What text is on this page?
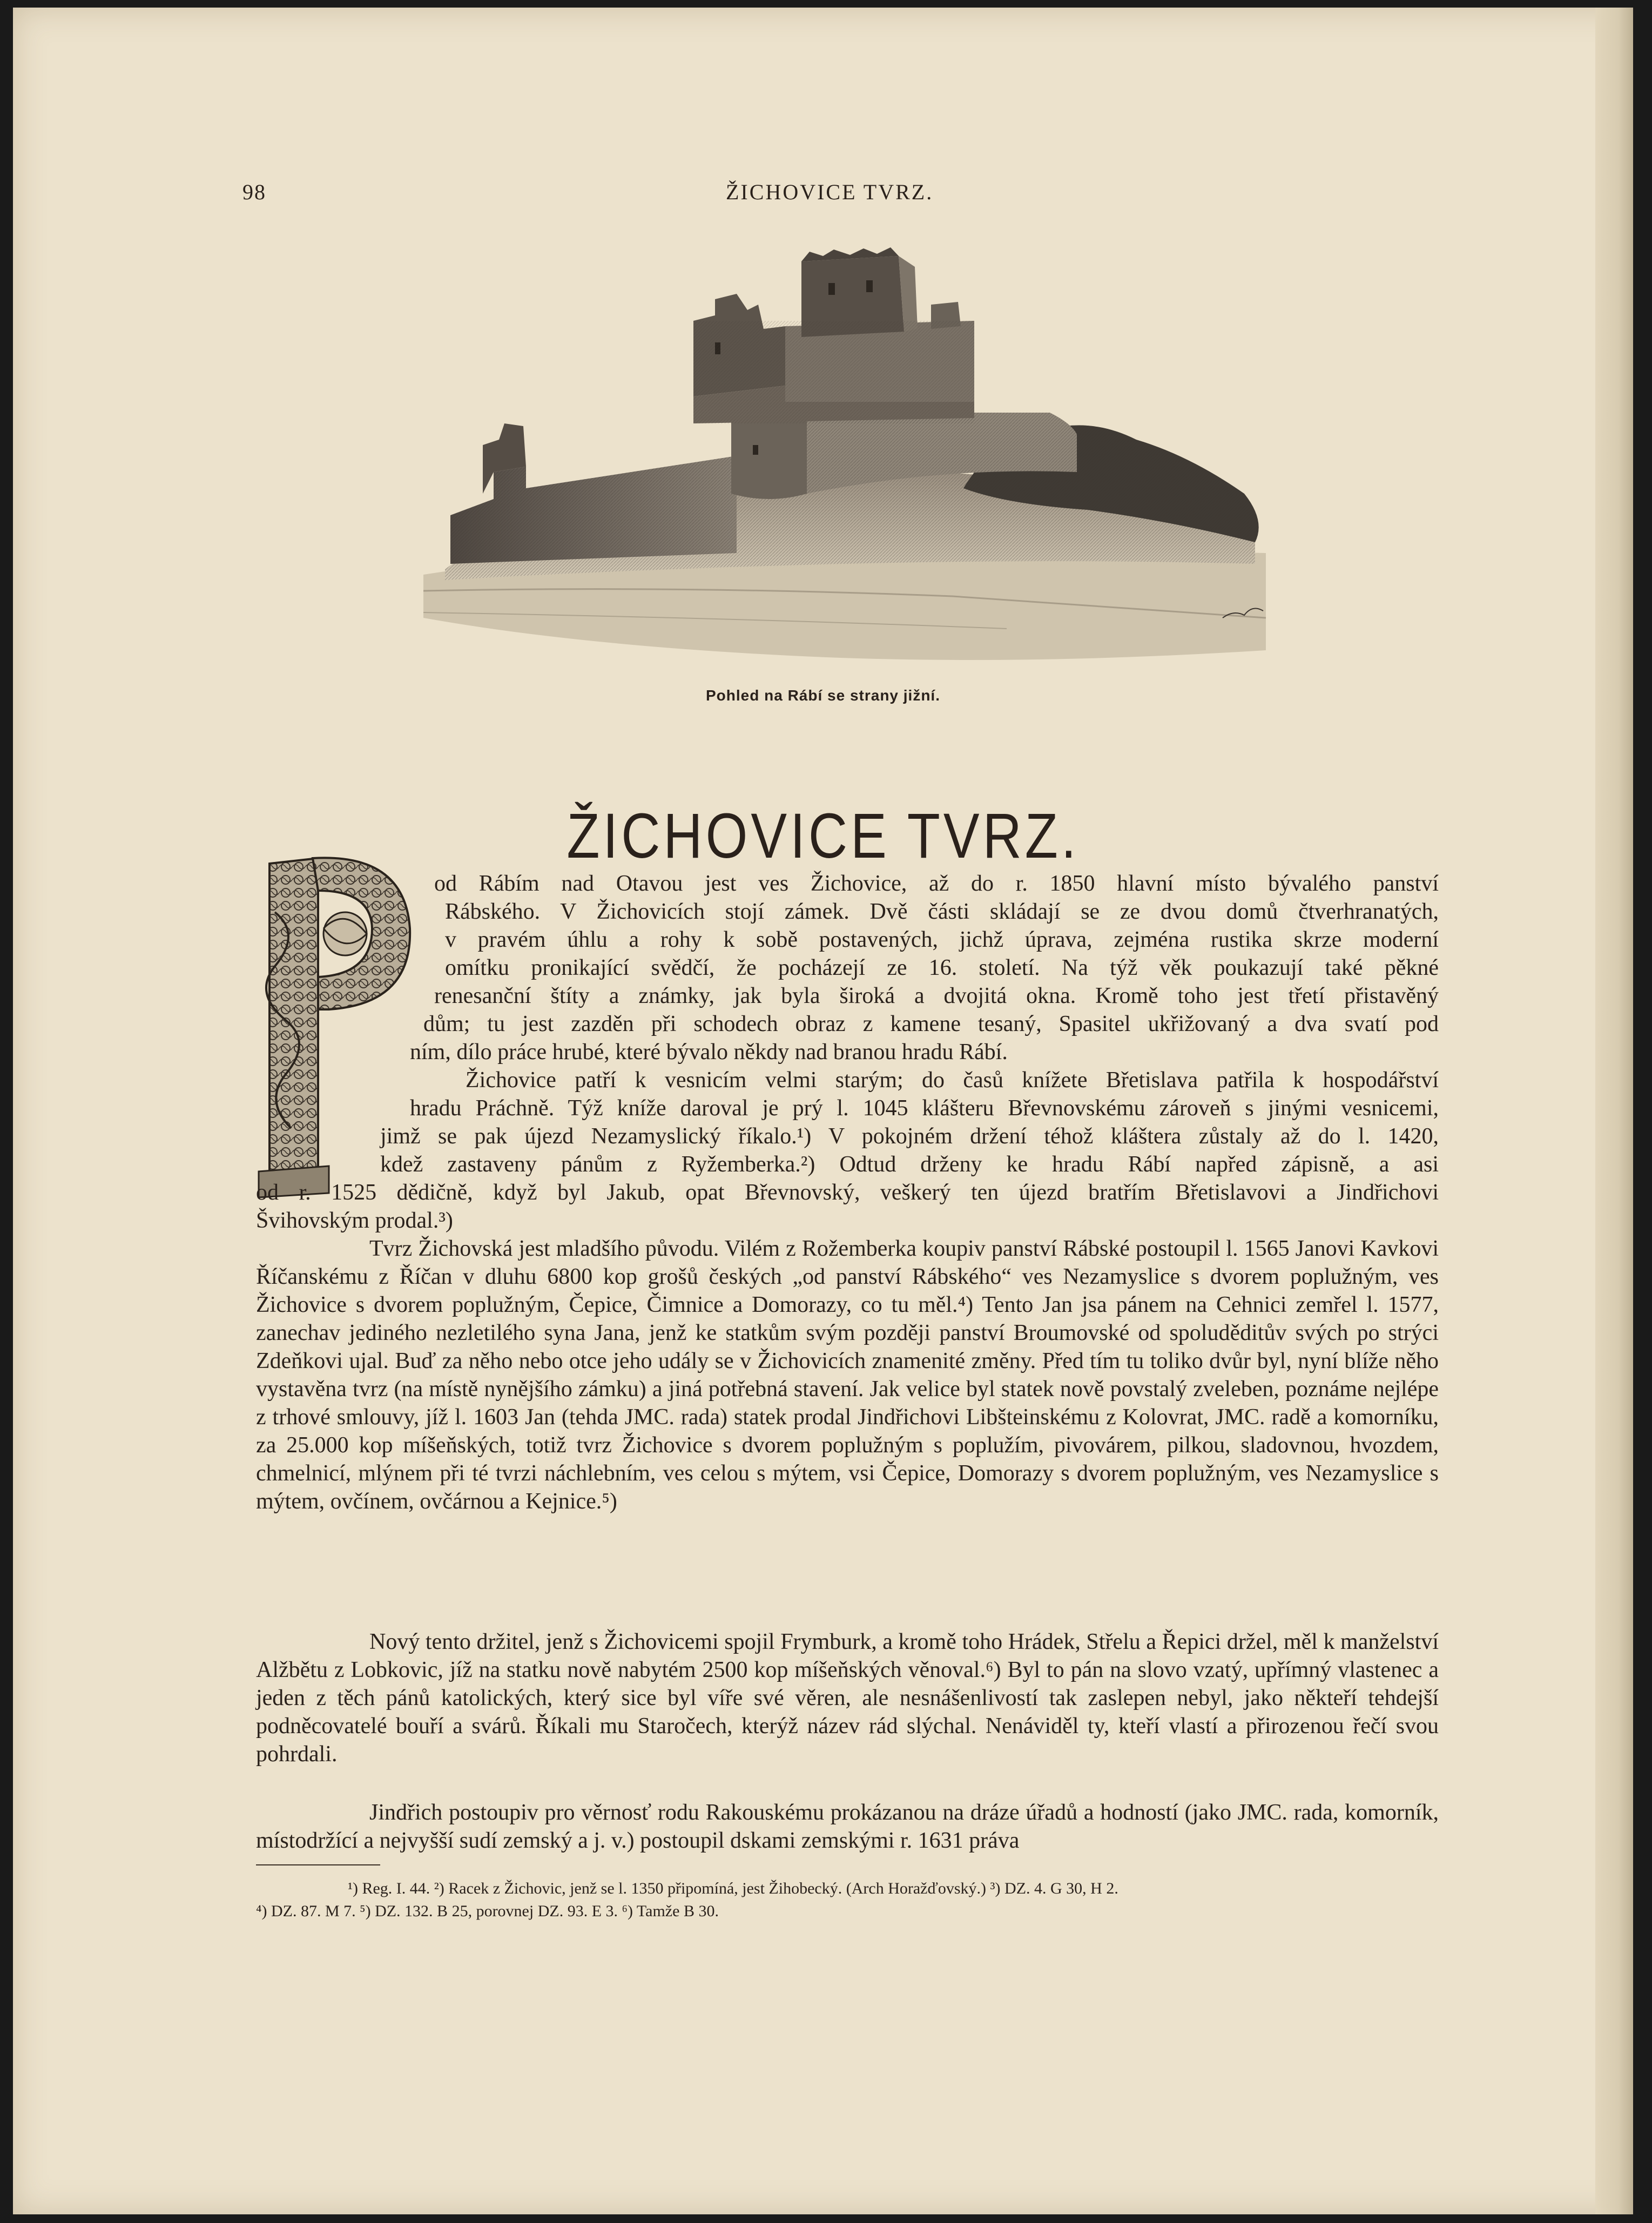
98	ŽICHOVICE TVRZ.
Pohled na Rábí se strany jižní.
ŽICHOVICE TVRZ.

od Rábím nad Otavou jest ves Žichovice, až do r. 1850 hlavní místo bývalého panství

Rábského. V Žichovicích stojí zámek. Dvě části skládají se ze dvou domů čtverhranatých,

v pravém úhlu a rohy k sobě postavených, jichž úprava, zejména rustika skrze moderní

omítku pronikající svědčí, že pocházejí ze 16. století. Na týž věk poukazují také pěkné

renesanční štíty a známky, jak byla široká a dvojitá okna. Kromě toho jest třetí přistavěný

dům; tu jest zazděn při schodech obraz z kamene tesaný, Spasitel ukřižovaný a dva svatí pod

ním, dílo práce hrubé, které bývalo někdy nad branou hradu Rábí.

Žichovice patří k vesnicím velmi starým; do časů knížete Břetislava patřila k hospodářství

hradu Práchně. Týž kníže daroval je prý l. 1045 klášteru Břevnovskému zároveň s jinými vesnicemi,

jimž se pak újezd Nezamyslický říkalo.¹) V pokojném držení téhož kláštera zůstaly až do l. 1420,

kdež zastaveny pánům z Ryžemberka.²) Odtud drženy ke hradu Rábí napřed zápisně, a asi

od r. 1525 dědičně, když byl Jakub, opat Břevnovský, veškerý ten újezd bratřím Břetislavovi a Jindřichovi

Švihovským prodal.³)

Tvrz Žichovská jest mladšího původu. Vilém z Rožemberka koupiv panství Rábské postoupil l. 1565 Janovi Kavkovi Říčanskému z Říčan v dluhu 6800 kop grošů českých „od panství Rábského“ ves Nezamyslice s dvorem poplužným, ves Žichovice s dvorem poplužným, Čepice, Čimnice a Domorazy, co tu měl.⁴) Tento Jan jsa pánem na Cehnici zemřel l. 1577, zanechav jediného nezletilého syna Jana, jenž ke statkům svým později panství Broumovské od spoluděditův svých po strýci Zdeňkovi ujal. Buď za něho nebo otce jeho udály se v Žichovicích znamenité změny. Před tím tu toliko dvůr byl, nyní blíže něho vystavěna tvrz (na místě nynějšího zámku) a jiná potřebná stavení. Jak velice byl statek nově povstalý zveleben, poznáme nejlépe z trhové smlouvy, jíž l. 1603 Jan (tehda JMC. rada) statek prodal Jindřichovi Libšteinskému z Kolovrat, JMC. radě a komorníku, za 25.000 kop míšeňských, totiž tvrz Žichovice s dvorem poplužným s poplužím, pivovárem, pilkou, sladovnou, hvozdem, chmelnicí, mlýnem při té tvrzi náchlebním, ves celou s mýtem, vsi Čepice, Domorazy s dvorem poplužným, ves Nezamyslice s mýtem, ovčínem, ovčárnou a Kejnice.⁵)

Nový tento držitel, jenž s Žichovicemi spojil Frymburk, a kromě toho Hrádek, Střelu a Řepici držel, měl k manželství Alžbětu z Lobkovic, jíž na statku nově nabytém 2500 kop míšeňských věnoval.⁶) Byl to pán na slovo vzatý, upřímný vlastenec a jeden z těch pánů katolických, který sice byl víře své věren, ale nesnášenlivostí tak zaslepen nebyl, jako někteří tehdejší podněcovatelé bouří a svárů. Říkali mu Staročech, kterýž název rád slýchal. Nenáviděl ty, kteří vlastí a přirozenou řečí svou pohrdali.

Jindřich postoupiv pro věrnosť rodu Rakouskému prokázanou na dráze úřadů a hodností (jako JMC. rada, komorník, místodržící a nejvyšší sudí zemský a j. v.) postoupil dskami zemskými r. 1631 práva

¹) Reg. I. 44. ²) Racek z Žichovic, jenž se l. 1350 připomíná, jest Žihobecký. (Arch Horažďovský.) ³) DZ. 4. G 30, H 2.
⁴) DZ. 87. M 7. ⁵) DZ. 132. B 25, porovnej DZ. 93. E 3. ⁶) Tamže B 30.
